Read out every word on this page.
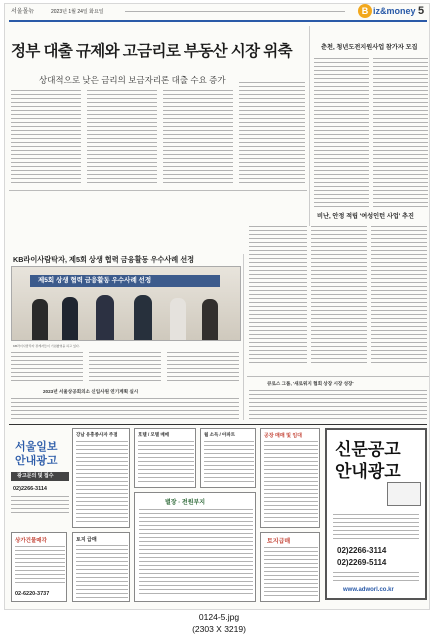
서울몰뉴	2023년 1월 24일 화요일	B iz&money 5
정부 대출 규제와 고금리로 부동산 시장 위축
상대적으로 낮은 금리의 보금자리론 대출 수요 증가
춘천, 청년도전지원사업 참가자 모집
KB라이사람탁자, 제5회 상생 협력 금융활동 우수사례 선정
제5회 상생 협력 금융활동 우수사례 선정
KB라이사람탁자 관계자들이 기념촬영을 하고 있다.
비난, 안정 적립 '여성인턴 사업' 추진
2023년 서울상공회의소 신입사원 연기계획 실시
큐로스 그룹, '새로워지 협회 상장 시장 성장'
서울일보
안내광고
광고문의 및 접수
02)2266-3114
강남 유흥종사자 주점	호텔 / 모텔 매매	월 소득 / 아파트	공장 매매 및 임대
신문공고
안내광고
02)2266-3114
02)2269-5114
www.adworl.co.kr
상가건물매각
02-6220-3737
별장 · 전원부지
토지급매
토지 급매
0124-5.jpg
(2303 X 3219)
